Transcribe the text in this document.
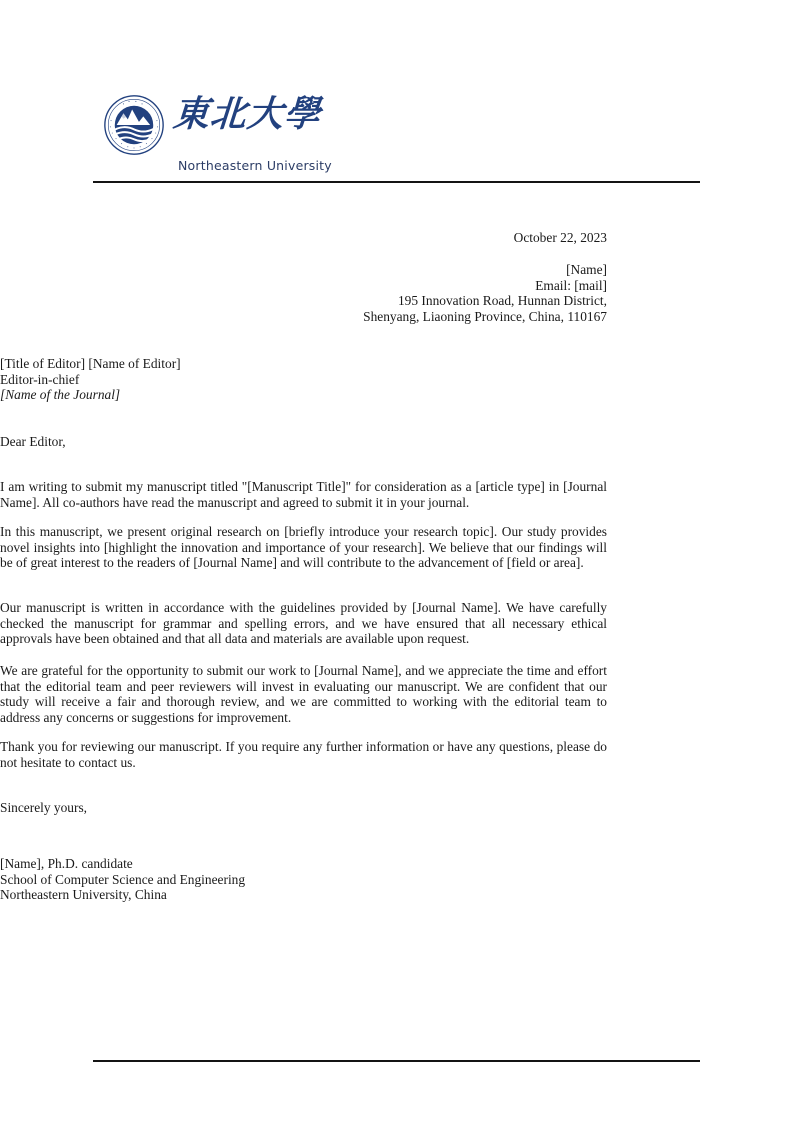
東北大學
Northeastern University
October 22, 2023

[Name]

Email: [mail]

195 Innovation Road, Hunnan District,

Shenyang, Liaoning Province, China, 110167

[Title of Editor] [Name of Editor]

Editor-in-chief

[Name of the Journal]

Dear Editor,
I am writing to submit my manuscript titled "[Manuscript Title]" for consideration as a [article type] in [Journal Name]. All co-authors have read the manuscript and agreed to submit it in your journal.
In this manuscript, we present original research on [briefly introduce your research topic]. Our study provides novel insights into [highlight the innovation and importance of your research]. We believe that our findings will be of great interest to the readers of [Journal Name] and will contribute to the advancement of [field or area].
Our manuscript is written in accordance with the guidelines provided by [Journal Name]. We have carefully checked the manuscript for grammar and spelling errors, and we have ensured that all necessary ethical approvals have been obtained and that all data and materials are available upon request.
We are grateful for the opportunity to submit our work to [Journal Name], and we appreciate the time and effort that the editorial team and peer reviewers will invest in evaluating our manuscript. We are confident that our study will receive a fair and thorough review, and we are committed to working with the editorial team to address any concerns or suggestions for improvement.
Thank you for reviewing our manuscript. If you require any further information or have any questions, please do not hesitate to contact us.
Sincerely yours,

[Name], Ph.D. candidate

School of Computer Science and Engineering

Northeastern University, China
